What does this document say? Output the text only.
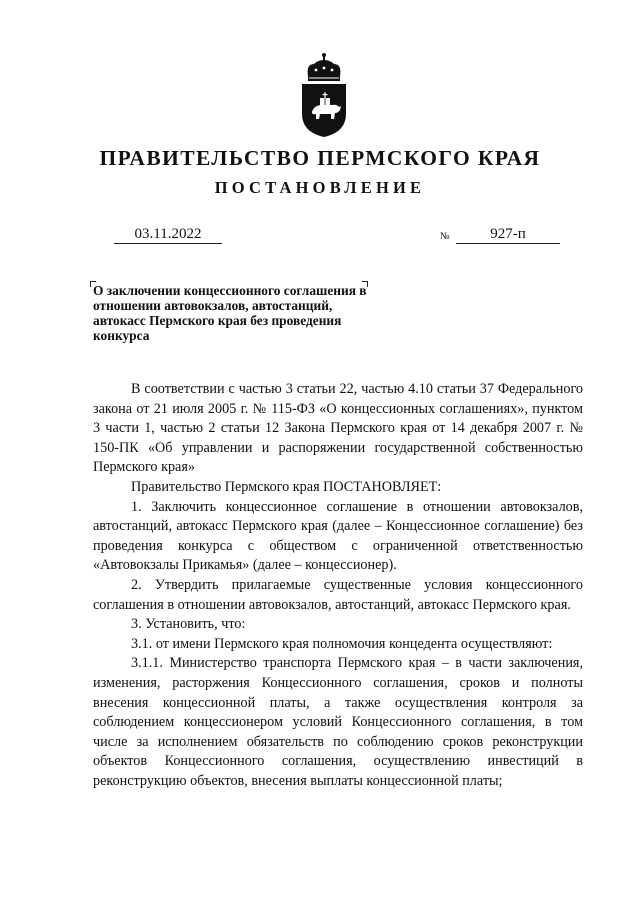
ПРАВИТЕЛЬСТВО ПЕРМСКОГО КРАЯ
ПОСТАНОВЛЕНИЕ
03.11.2022	№	927-п
О заключении концессионного соглашения в отношении автовокзалов, автостанций, автокасс Пермского края без проведения конкурса

В соответствии с частью 3 статьи 22, частью 4.10 статьи 37 Федерального закона от 21 июля 2005 г. № 115-ФЗ «О концессионных соглашениях», пунктом 3 части 1, частью 2 статьи 12 Закона Пермского края от 14 декабря 2007 г. № 150-ПК «Об управлении и распоряжении государственной собственностью Пермского края»

Правительство Пермского края ПОСТАНОВЛЯЕТ:

1. Заключить концессионное соглашение в отношении автовокзалов, автостанций, автокасс Пермского края (далее – Концессионное соглашение) без проведения конкурса с обществом с ограниченной ответственностью «Автовокзалы Прикамья» (далее – концессионер).

2. Утвердить прилагаемые существенные условия концессионного соглашения в отношении автовокзалов, автостанций, автокасс Пермского края.

3. Установить, что:

3.1. от имени Пермского края полномочия концедента осуществляют:

3.1.1. Министерство транспорта Пермского края – в части заключения, изменения, расторжения Концессионного соглашения, сроков и полноты внесения концессионной платы, а также осуществления контроля за соблюдением концессионером условий Концессионного соглашения, в том числе за исполнением обязательств по соблюдению сроков реконструкции объектов Концессионного соглашения, осуществлению инвестиций в реконструкцию объектов, внесения выплаты концессионной платы;
